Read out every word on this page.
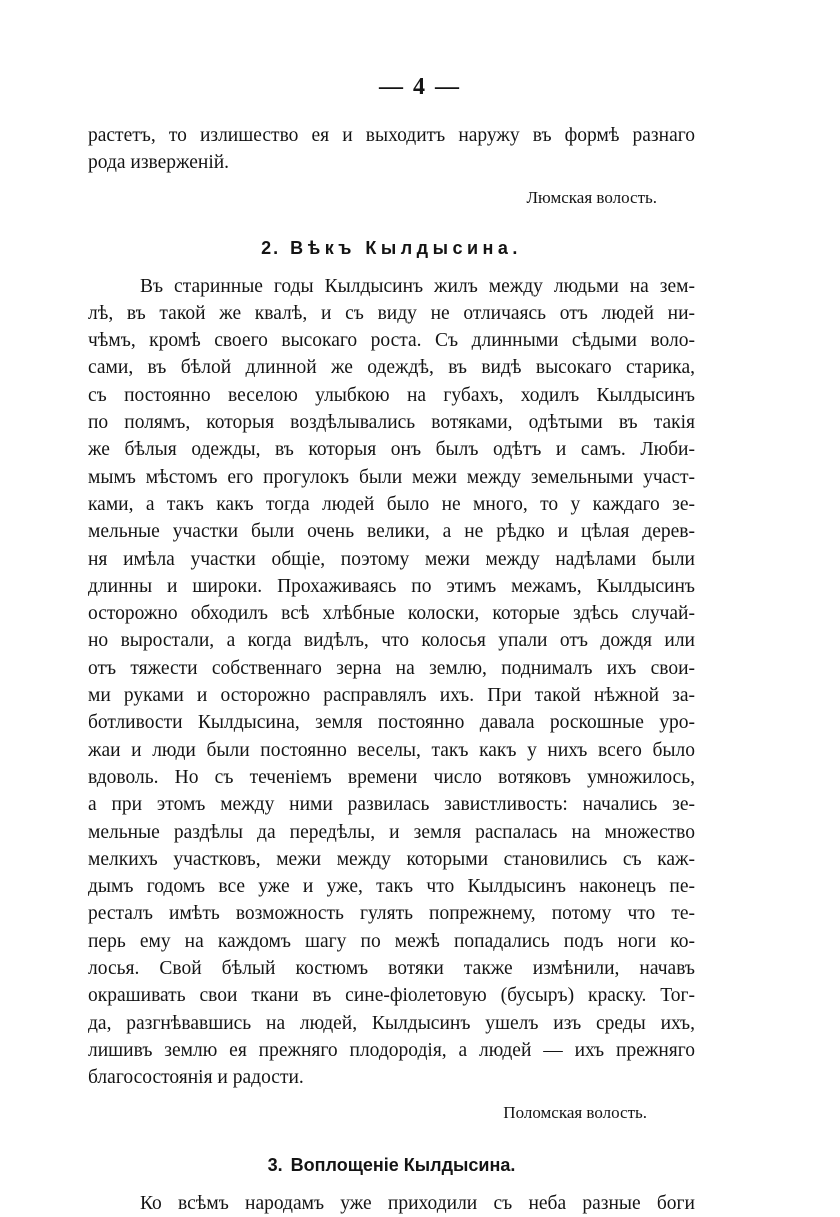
— 4 —
растетъ, то излишество ея и выходитъ наружу въ формѣ разнаго
рода изверженій.
Люмская волость.
2. Вѣкъ Кылдысина.
Въ старинные годы Кылдысинъ жилъ между людьми на зем-
лѣ, въ такой же квалѣ, и съ виду не отличаясь отъ людей ни-
чѣмъ, кромѣ своего высокаго роста. Съ длинными сѣдыми воло-
сами, въ бѣлой длинной же одеждѣ, въ видѣ высокаго старика,
съ постоянно веселою улыбкою на губахъ, ходилъ Кылдысинъ
по полямъ, которыя воздѣлывались вотяками, одѣтыми въ такія
же бѣлыя одежды, въ которыя онъ былъ одѣтъ и самъ. Люби-
мымъ мѣстомъ его прогулокъ были межи между земельными участ-
ками, а такъ какъ тогда людей было не много, то у каждаго зе-
мельные участки были очень велики, а не рѣдко и цѣлая дерев-
ня имѣла участки общіе, поэтому межи между надѣлами были
длинны и широки. Прохаживаясь по этимъ межамъ, Кылдысинъ
осторожно обходилъ всѣ хлѣбные колоски, которые здѣсь случай-
но выростали, а когда видѣлъ, что колосья упали отъ дождя или
отъ тяжести собственнаго зерна на землю, поднималъ ихъ свои-
ми руками и осторожно расправлялъ ихъ. При такой нѣжной за-
ботливости Кылдысина, земля постоянно давала роскошные уро-
жаи и люди были постоянно веселы, такъ какъ у нихъ всего было
вдоволь. Но съ теченіемъ времени число вотяковъ умножилось,
а при этомъ между ними развилась завистливость: начались зе-
мельные раздѣлы да передѣлы, и земля распалась на множество
мелкихъ участковъ, межи между которыми становились съ каж-
дымъ годомъ все уже и уже, такъ что Кылдысинъ наконецъ пе-
ресталъ имѣть возможность гулять попрежнему, потому что те-
перь ему на каждомъ шагу по межѣ попадались подъ ноги ко-
лосья. Свой бѣлый костюмъ вотяки также измѣнили, начавъ
окрашивать свои ткани въ сине-фіолетовую (бусыръ) краску. Тог-
да, разгнѣвавшись на людей, Кылдысинъ ушелъ изъ среды ихъ,
лишивъ землю ея прежняго плодородія, а людей — ихъ прежняго
благосостоянія и радости.
Поломская волость.
3. Воплощеніе Кылдысина.
Ко всѣмъ народамъ уже приходили съ неба разные боги
